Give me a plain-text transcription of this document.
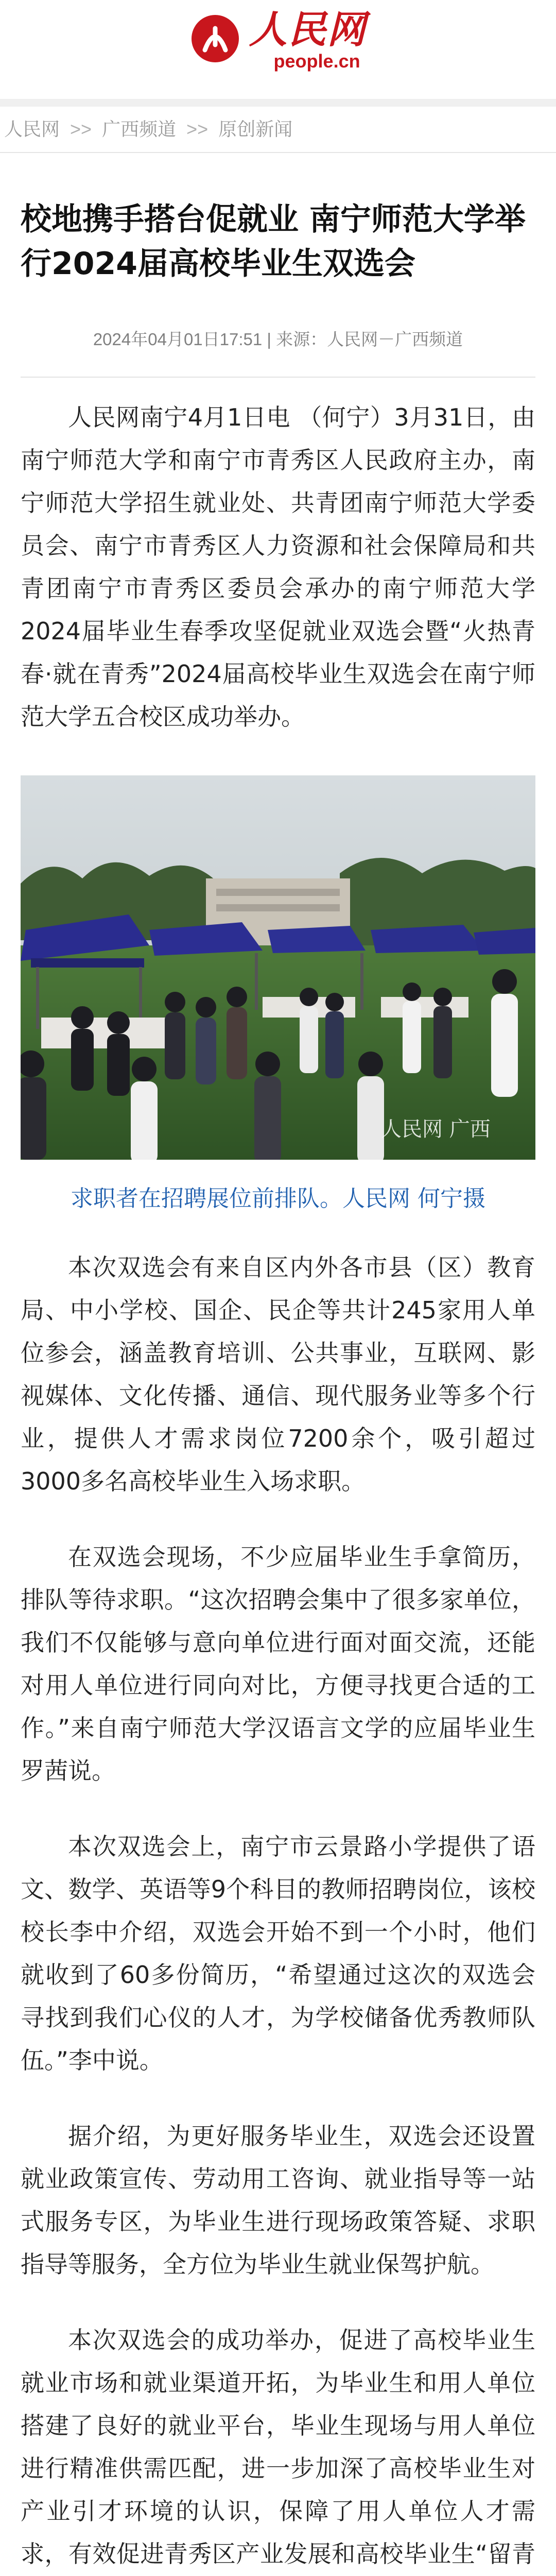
人民网
people.cn
人民网 >> 广西频道 >> 原创新闻
校地携手搭台促就业 南宁师范大学举行2024届高校毕业生双选会
2024年04月01日17:51 | 来源：人民网－广西频道

人民网南宁4月1日电 （何宁）3月31日，由南宁师范大学和南宁市青秀区人民政府主办，南宁师范大学招生就业处、共青团南宁师范大学委员会、南宁市青秀区人力资源和社会保障局和共青团南宁市青秀区委员会承办的南宁师范大学2024届毕业生春季攻坚促就业双选会暨“火热青春·就在青秀”2024届高校毕业生双选会在南宁师范大学五合校区成功举办。

人民网 广西
求职者在招聘展位前排队。人民网 何宁摄

本次双选会有来自区内外各市县（区）教育局、中小学校、国企、民企等共计245家用人单位参会，涵盖教育培训、公共事业，互联网、影视媒体、文化传播、通信、现代服务业等多个行业，提供人才需求岗位7200余个，吸引超过3000多名高校毕业生入场求职。

在双选会现场，不少应届毕业生手拿简历，排队等待求职。“这次招聘会集中了很多家单位，我们不仅能够与意向单位进行面对面交流，还能对用人单位进行同向对比，方便寻找更合适的工作。”来自南宁师范大学汉语言文学的应届毕业生罗茜说。

本次双选会上，南宁市云景路小学提供了语文、数学、英语等9个科目的教师招聘岗位，该校校长李中介绍，双选会开始不到一个小时，他们就收到了60多份简历，“希望通过这次的双选会寻找到我们心仪的人才，为学校储备优秀教师队伍。”李中说。

据介绍，为更好服务毕业生，双选会还设置就业政策宣传、劳动用工咨询、就业指导等一站式服务专区，为毕业生进行现场政策答疑、求职指导等服务，全方位为毕业生就业保驾护航。

本次双选会的成功举办，促进了高校毕业生就业市场和就业渠道开拓，为毕业生和用人单位搭建了良好的就业平台，毕业生现场与用人单位进行精准供需匹配，进一步加深了高校毕业生对产业引才环境的认识，保障了用人单位人才需求，有效促进青秀区产业发展和高校毕业生“留青
